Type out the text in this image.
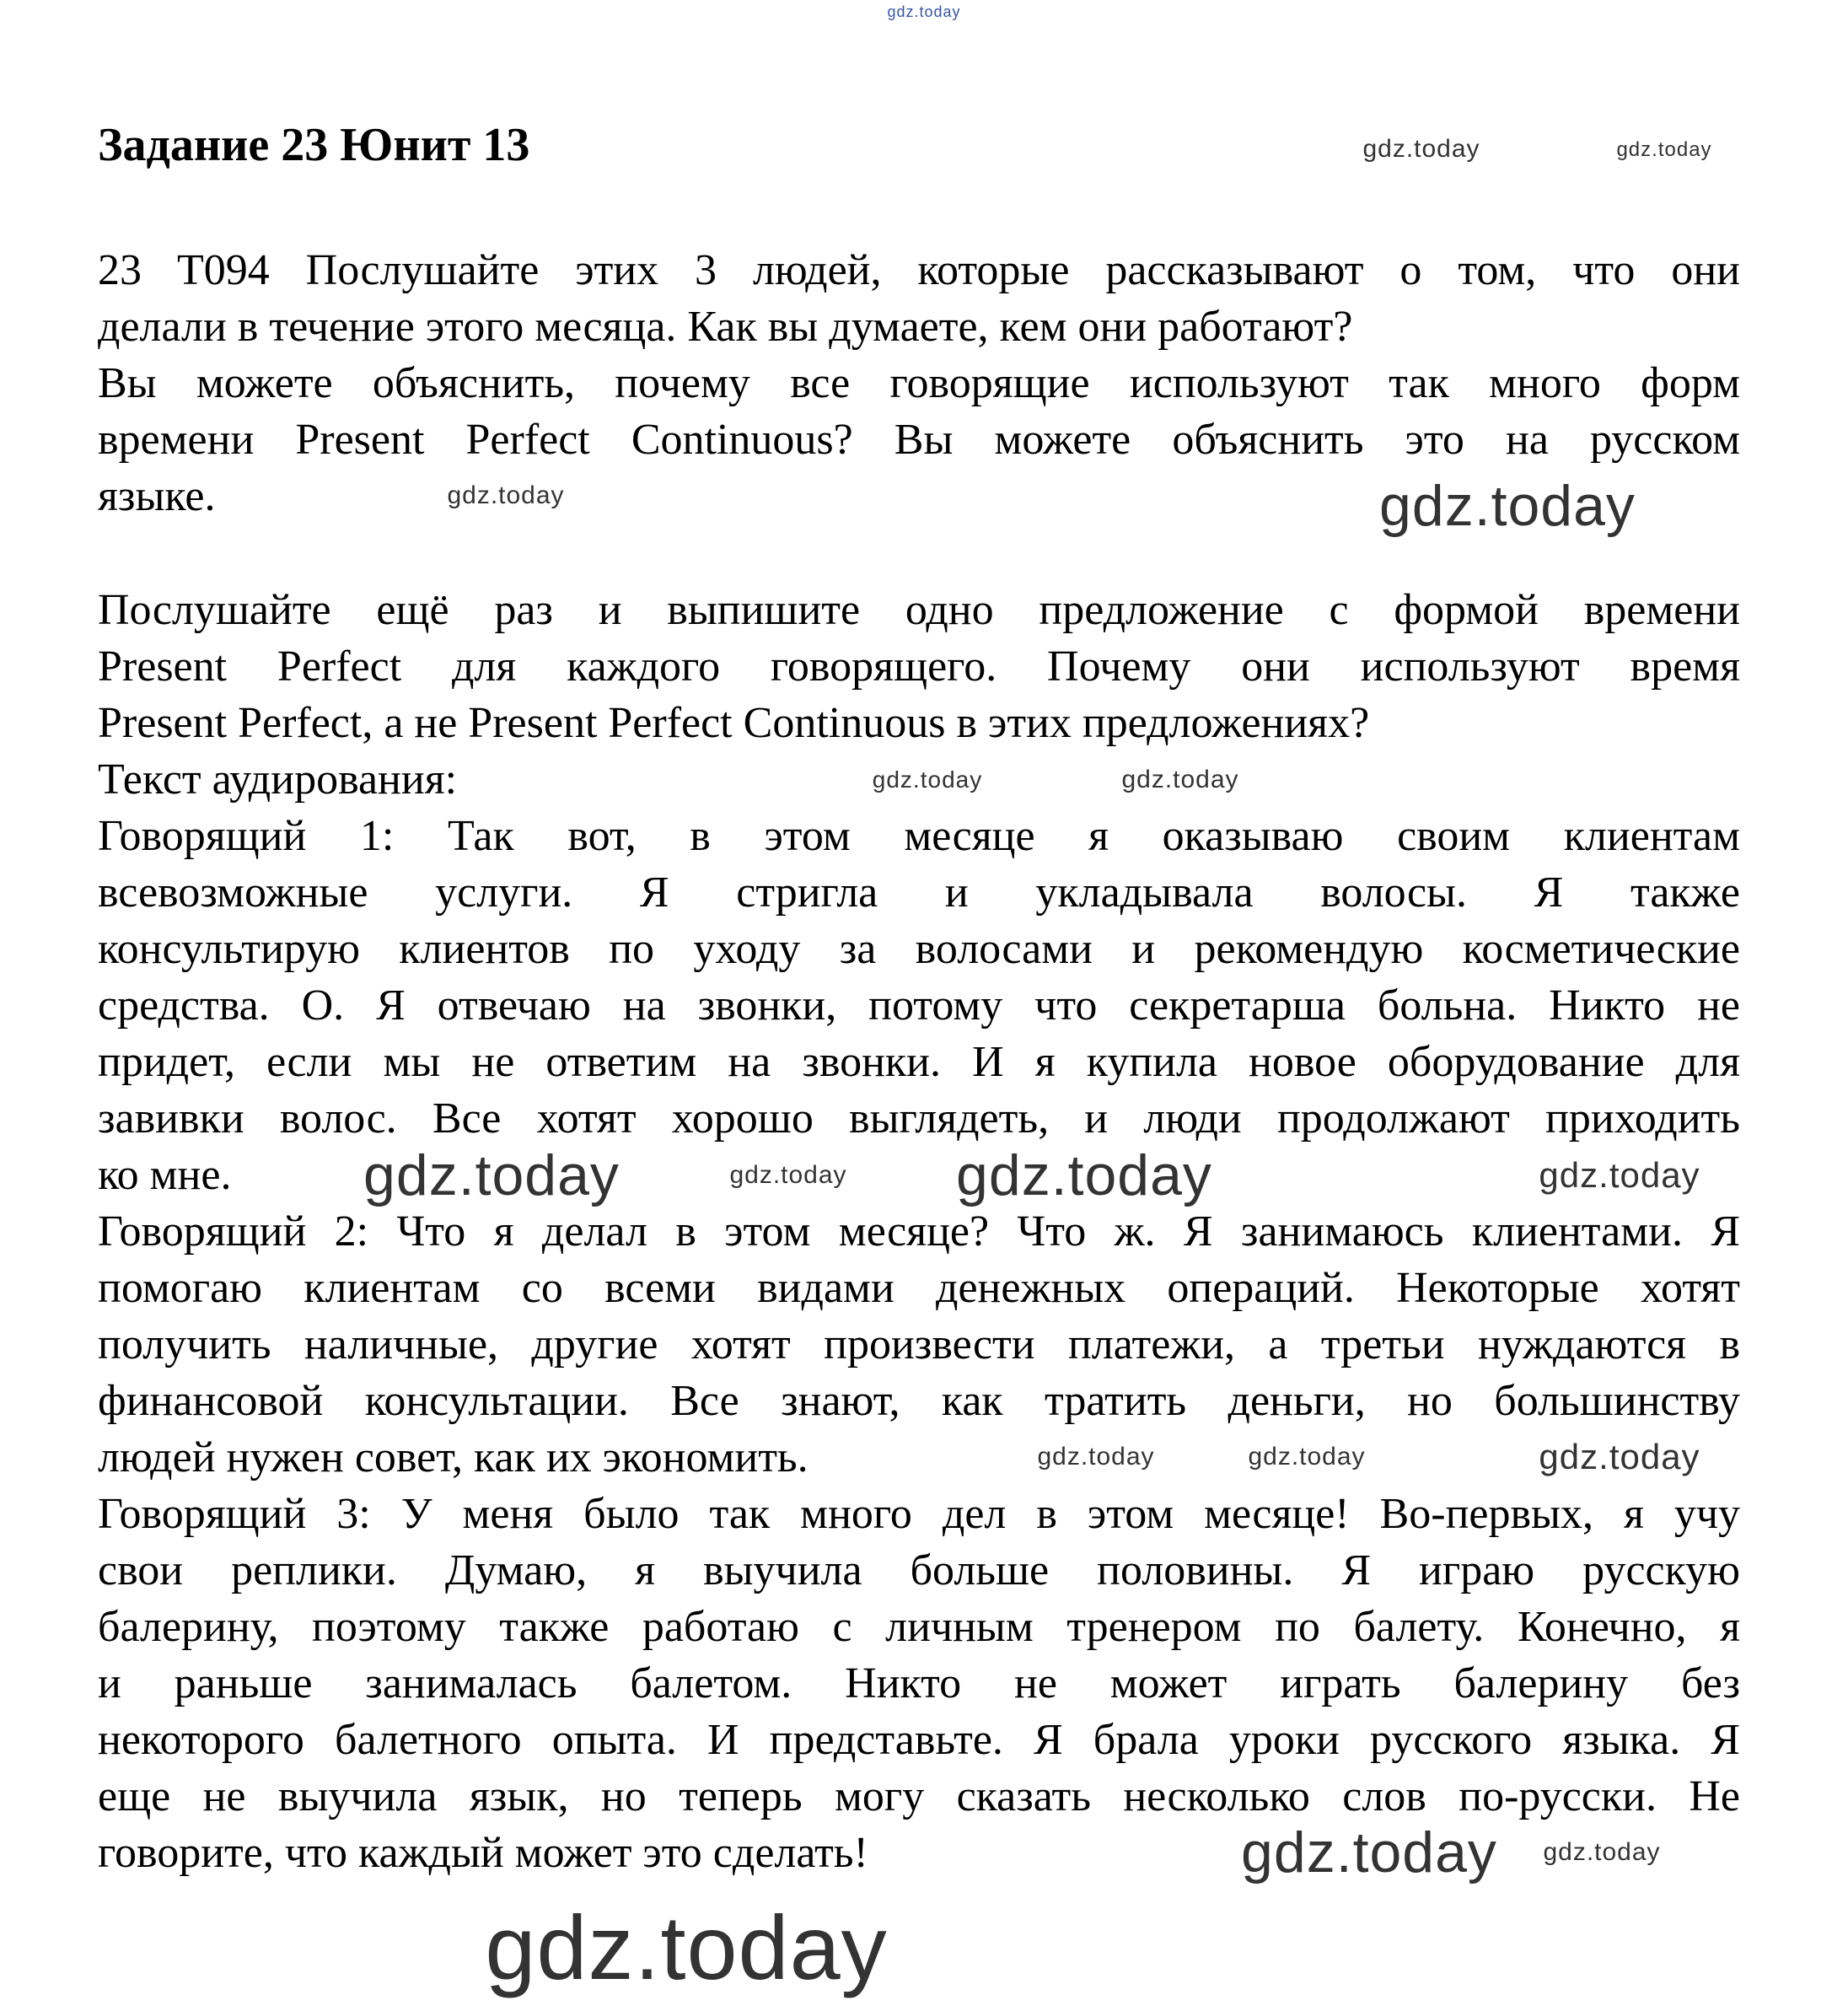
Задание 23 Юнит 13
23 T094 Послушайте этих 3 людей, которые рассказывают о том, что они
делали в течение этого месяца. Как вы думаете, кем они работают?
Вы можете объяснить, почему все говорящие используют так много форм
времени Present Perfect Continuous? Вы можете объяснить это на русском
языке.
Послушайте ещё раз и выпишите одно предложение с формой времени
Present Perfect для каждого говорящего. Почему они используют время
Present Perfect, а не Present Perfect Continuous в этих предложениях?
Текст аудирования:
Говорящий 1: Так вот, в этом месяце я оказываю своим клиентам
всевозможные услуги. Я стригла и укладывала волосы. Я также
консультирую клиентов по уходу за волосами и рекомендую косметические
средства. О. Я отвечаю на звонки, потому что секретарша больна. Никто не
придет, если мы не ответим на звонки. И я купила новое оборудование для
завивки волос. Все хотят хорошо выглядеть, и люди продолжают приходить
ко мне.
Говорящий 2: Что я делал в этом месяце? Что ж. Я занимаюсь клиентами. Я
помогаю клиентам со всеми видами денежных операций. Некоторые хотят
получить наличные, другие хотят произвести платежи, а третьи нуждаются в
финансовой консультации. Все знают, как тратить деньги, но большинству
людей нужен совет, как их экономить.
Говорящий 3: У меня было так много дел в этом месяце! Во-первых, я учу
свои реплики. Думаю, я выучила больше половины. Я играю русскую
балерину, поэтому также работаю с личным тренером по балету. Конечно, я
и раньше занималась балетом. Никто не может играть балерину без
некоторого балетного опыта. И представьте. Я брала уроки русского языка. Я
еще не выучила язык, но теперь могу сказать несколько слов по-русски. Не
говорите, что каждый может это сделать!
gdz.today
gdz.today	gdz.today
gdz.today
gdz.today
gdz.today
gdz.today	gdz.today	gdz.today
gdz.today
gdz.today	gdz.today
gdz.today
gdz.today
gdz.today
gdz.today
gdz.today
